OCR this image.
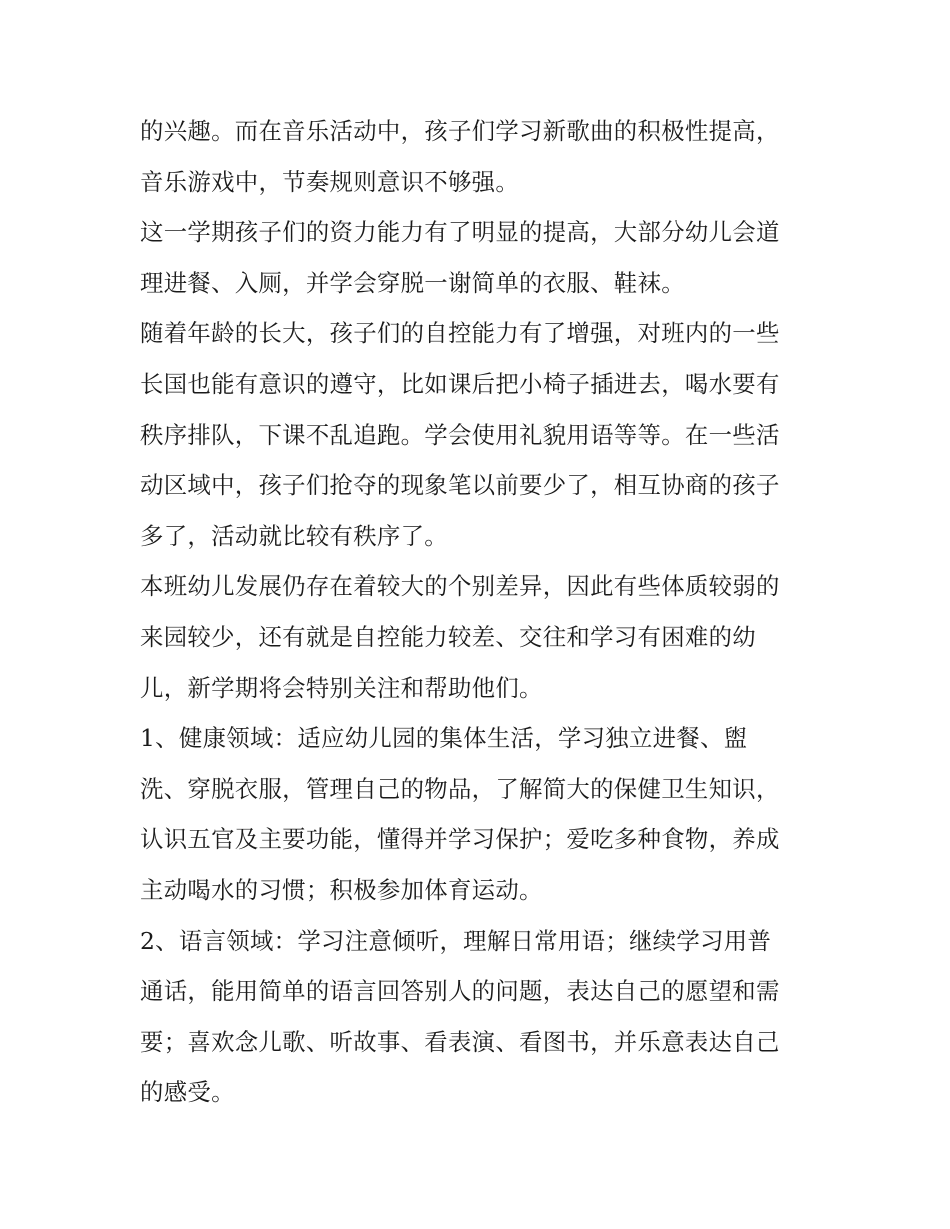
的兴趣。而在音乐活动中，孩子们学习新歌曲的积极性提高，
音乐游戏中，节奏规则意识不够强。
这一学期孩子们的资力能力有了明显的提高，大部分幼儿会道
理进餐、入厕，并学会穿脱一谢简单的衣服、鞋袜。
随着年龄的长大，孩子们的自控能力有了增强，对班内的一些
长国也能有意识的遵守，比如课后把小椅子插进去，喝水要有
秩序排队，下课不乱追跑。学会使用礼貌用语等等。在一些活
动区域中，孩子们抢夺的现象笔以前要少了，相互协商的孩子
多了，活动就比较有秩序了。
本班幼儿发展仍存在着较大的个别差异，因此有些体质较弱的
来园较少，还有就是自控能力较差、交往和学习有困难的幼
儿，新学期将会特别关注和帮助他们。
1、健康领域：适应幼儿园的集体生活，学习独立进餐、盥
洗、穿脱衣服，管理自己的物品，了解简大的保健卫生知识，
认识五官及主要功能，懂得并学习保护；爱吃多种食物，养成
主动喝水的习惯；积极参加体育运动。
2、语言领域：学习注意倾听，理解日常用语；继续学习用普
通话，能用简单的语言回答别人的问题，表达自己的愿望和需
要；喜欢念儿歌、听故事、看表演、看图书，并乐意表达自己
的感受。
